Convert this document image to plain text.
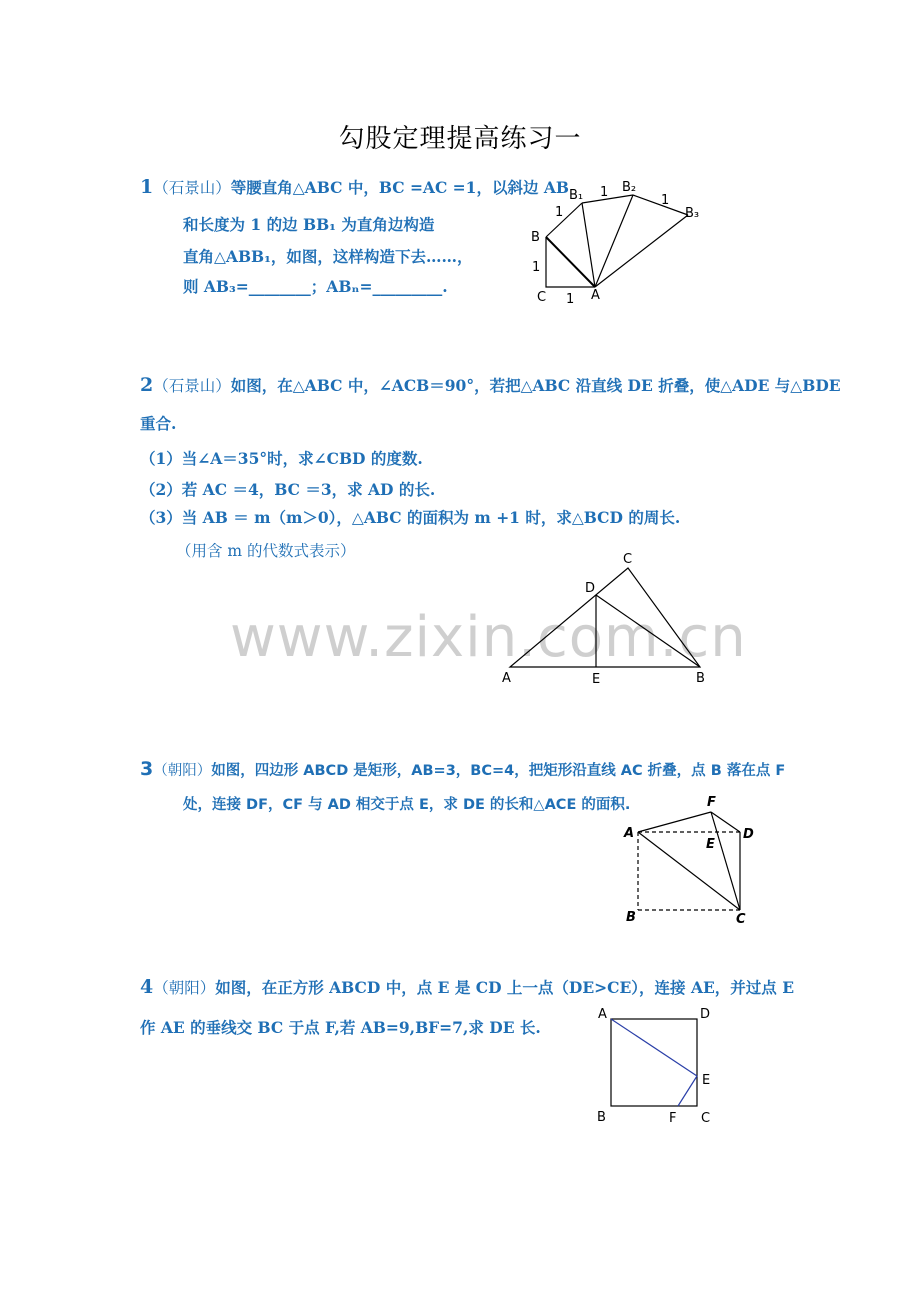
勾股定理提高练习一
1（石景山）等腰直角△ABC 中，BC =AC =1，以斜边 AB
和长度为 1 的边 BB₁ 为直角边构造
直角△ABB₁，如图，这样构造下去……，
则 AB₃=________；ABₙ=_________.
B₁
B₂
B₃
B
C	A
1
1
1
1
1
2（石景山）如图，在△ABC 中，∠ACB＝90°，若把△ABC 沿直线 DE 折叠，使△ADE 与△BDE
重合.
（1）当∠A＝35°时，求∠CBD 的度数.
（2）若 AC ＝4，BC ＝3，求 AD 的长.
（3）当 AB ＝ m（m＞0），△ABC 的面积为 m +1 时，求△BCD 的周长.
（用含 m 的代数式表示）
www.zixin.com.cn
C
D
A	E	B
3（朝阳）如图，四边形 ABCD 是矩形，AB=3，BC=4，把矩形沿直线 AC 折叠，点 B 落在点 F
处，连接 DF，CF 与 AD 相交于点 E，求 DE 的长和△ACE 的面积.	F
A	D
E
B	C
4（朝阳）如图，在正方形 ABCD 中，点 E 是 CD 上一点（DE>CE），连接 AE，并过点 E
作 AE 的垂线交 BC 于点 F,若 AB=9,BF=7,求 DE 长.
A	D
E
B	F C
